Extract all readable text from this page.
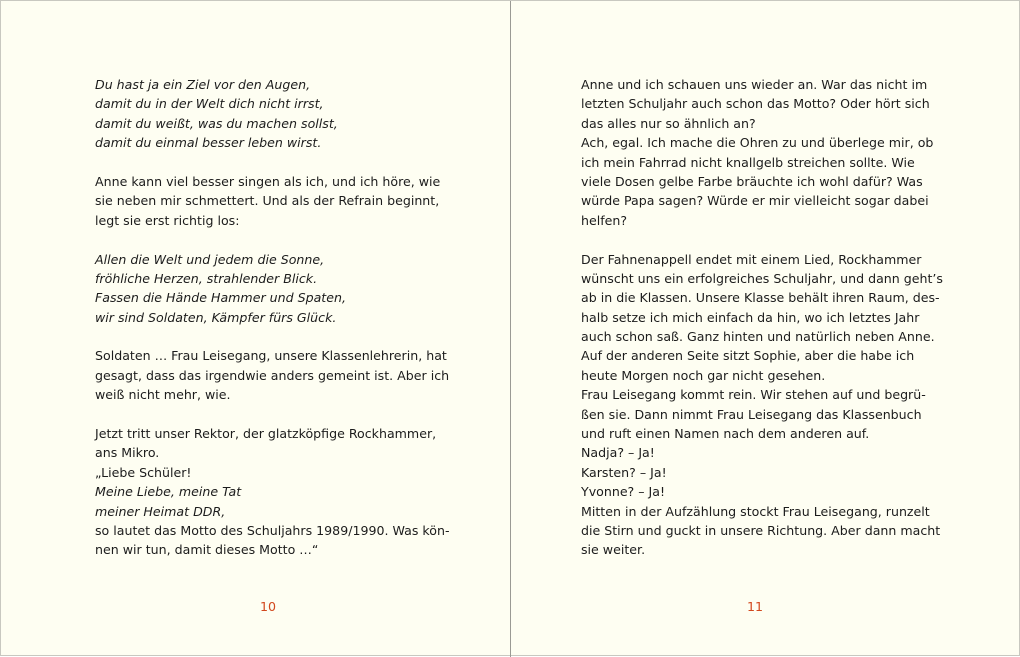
Du hast ja ein Ziel vor den Augen,
damit du in der Welt dich nicht irrst,
damit du weißt, was du machen sollst,
damit du einmal besser leben wirst.
Anne kann viel besser singen als ich, und ich höre, wie
sie neben mir schmettert. Und als der Refrain beginnt,
legt sie erst richtig los:
Allen die Welt und jedem die Sonne,
fröhliche Herzen, strahlender Blick.
Fassen die Hände Hammer und Spaten,
wir sind Soldaten, Kämpfer fürs Glück.
Soldaten … Frau Leisegang, unsere Klassenlehrerin, hat
gesagt, dass das irgendwie anders gemeint ist. Aber ich
weiß nicht mehr, wie.
Jetzt tritt unser Rektor, der glatzköpfige Rockhammer,
ans Mikro.
„Liebe Schüler!
Meine Liebe, meine Tat
meiner Heimat DDR,
so lautet das Motto des Schuljahrs 1989/1990. Was kön-
nen wir tun, damit dieses Motto …“
10
Anne und ich schauen uns wieder an. War das nicht im
letzten Schuljahr auch schon das Motto? Oder hört sich
das alles nur so ähnlich an?
Ach, egal. Ich mache die Ohren zu und überlege mir, ob
ich mein Fahrrad nicht knallgelb streichen sollte. Wie
viele Dosen gelbe Farbe bräuchte ich wohl dafür? Was
würde Papa sagen? Würde er mir vielleicht sogar dabei
helfen?
Der Fahnenappell endet mit einem Lied, Rockhammer
wünscht uns ein erfolgreiches Schuljahr, und dann geht’s
ab in die Klassen. Unsere Klasse behält ihren Raum, des-
halb setze ich mich einfach da hin, wo ich letztes Jahr
auch schon saß. Ganz hinten und natürlich neben Anne.
Auf der anderen Seite sitzt Sophie, aber die habe ich
heute Morgen noch gar nicht gesehen.
Frau Leisegang kommt rein. Wir stehen auf und begrü-
ßen sie. Dann nimmt Frau Leisegang das Klassenbuch
und ruft einen Namen nach dem anderen auf.
Nadja? – Ja!
Karsten? – Ja!
Yvonne? – Ja!
Mitten in der Aufzählung stockt Frau Leisegang, runzelt
die Stirn und guckt in unsere Richtung. Aber dann macht
sie weiter.
11
